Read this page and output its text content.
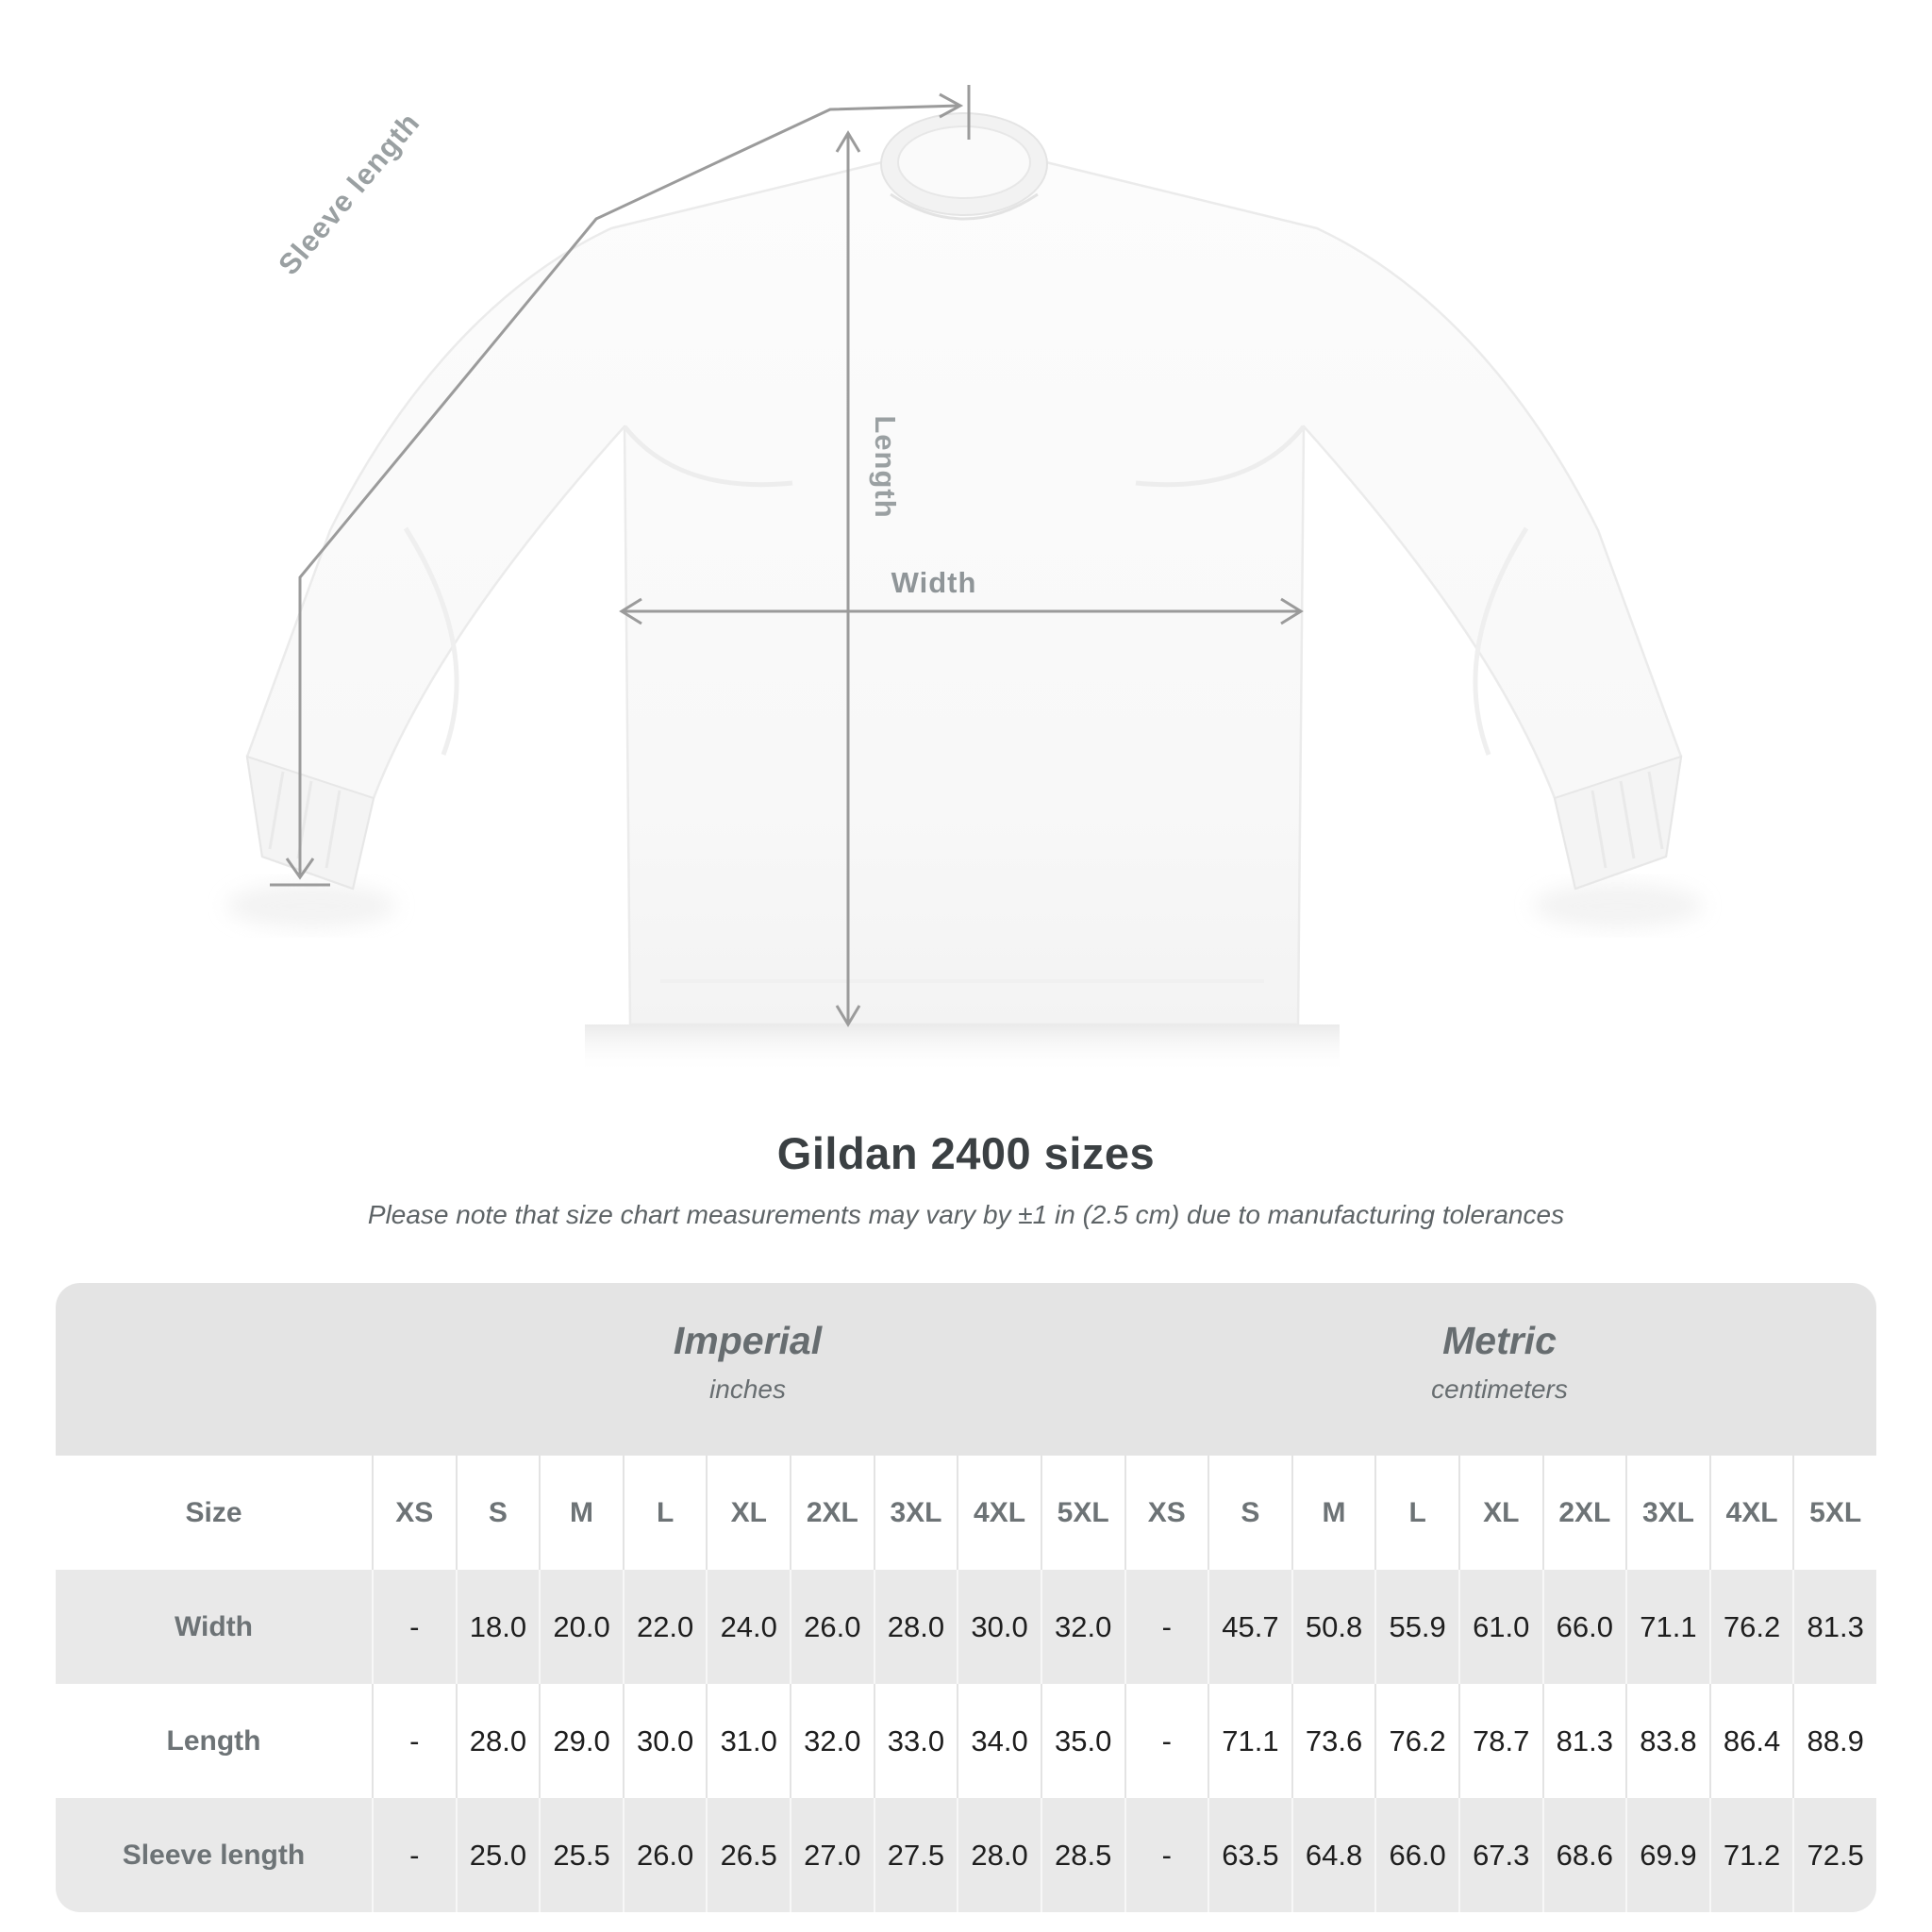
Sleeve length
Length
Width
Gildan 2400 sizes
Please note that size chart measurements may vary by ±1 in (2.5 cm) due to manufacturing tolerances
Imperial
inches
Metric
centimeters
Size	XS	S	M	L	XL	2XL	3XL	4XL	5XL	XS	S	M	L	XL	2XL	3XL	4XL	5XL
Width	-	18.0 20.0 22.0 24.0 26.0 28.0 30.0 32.0	-	45.7 50.8 55.9 61.0 66.0 71.1 76.2 81.3
Length	-	28.0 29.0 30.0 31.0 32.0 33.0 34.0 35.0	-	71.1 73.6 76.2 78.7 81.3 83.8 86.4 88.9
Sleeve length	-	25.0 25.5 26.0 26.5 27.0 27.5 28.0 28.5	-	63.5 64.8 66.0 67.3 68.6 69.9 71.2 72.5
